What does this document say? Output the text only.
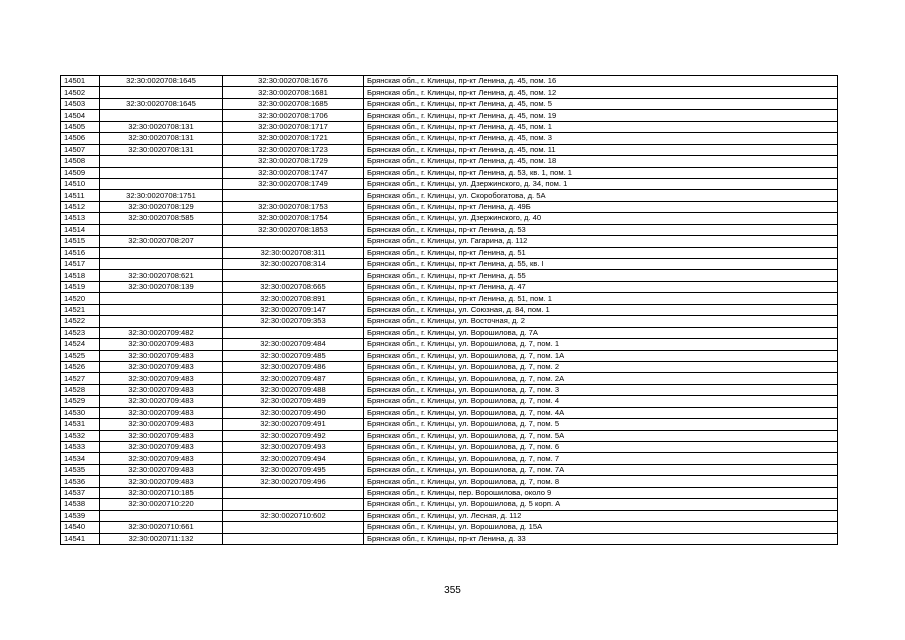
14501	32:30:0020708:1645	32:30:0020708:1676	Брянская обл., г. Клинцы, пр-кт Ленина, д. 45, пом. 16
14502		32:30:0020708:1681	Брянская обл., г. Клинцы, пр-кт Ленина, д. 45, пом. 12
14503	32:30:0020708:1645	32:30:0020708:1685	Брянская обл., г. Клинцы, пр-кт Ленина, д. 45, пом. 5
14504		32:30:0020708:1706	Брянская обл., г. Клинцы, пр-кт Ленина, д. 45, пом. 19
14505	32:30:0020708:131	32:30:0020708:1717	Брянская обл., г. Клинцы, пр-кт Ленина, д. 45, пом. 1
14506	32:30:0020708:131	32:30:0020708:1721	Брянская обл., г. Клинцы, пр-кт Ленина, д. 45, пом. 3
14507	32:30:0020708:131	32:30:0020708:1723	Брянская обл., г. Клинцы, пр-кт Ленина, д. 45, пом. 11
14508		32:30:0020708:1729	Брянская обл., г. Клинцы, пр-кт Ленина, д. 45, пом. 18
14509		32:30:0020708:1747	Брянская обл., г. Клинцы, пр-кт Ленина, д. 53, кв. 1, пом. 1
14510		32:30:0020708:1749	Брянская обл., г. Клинцы, ул. Дзержинского, д. 34, пом. 1
14511	32:30:0020708:1751		Брянская обл., г. Клинцы, ул. Скоробогатова, д. 5А
14512	32:30:0020708:129	32:30:0020708:1753	Брянская обл., г. Клинцы, пр-кт Ленина, д. 49Б
14513	32:30:0020708:585	32:30:0020708:1754	Брянская обл., г. Клинцы, ул. Дзержинского, д. 40
14514		32:30:0020708:1853	Брянская обл., г. Клинцы, пр-кт Ленина, д. 53
14515	32:30:0020708:207		Брянская обл., г. Клинцы, ул. Гагарина, д. 112
14516		32:30:0020708:311	Брянская обл., г. Клинцы, пр-кт Ленина, д. 51
14517		32:30:0020708:314	Брянская обл., г. Клинцы, пр-кт Ленина, д. 55, кв. I
14518	32:30:0020708:621		Брянская обл., г. Клинцы, пр-кт Ленина, д. 55
14519	32:30:0020708:139	32:30:0020708:665	Брянская обл., г. Клинцы, пр-кт Ленина, д. 47
14520		32:30:0020708:891	Брянская обл., г. Клинцы, пр-кт Ленина, д. 51, пом. 1
14521		32:30:0020709:147	Брянская обл., г. Клинцы, ул. Союзная, д. 84, пом. 1
14522		32:30:0020709:353	Брянская обл., г. Клинцы, ул. Восточная, д. 2
14523	32:30:0020709:482		Брянская обл., г. Клинцы, ул. Ворошилова, д. 7А
14524	32:30:0020709:483	32:30:0020709:484	Брянская обл., г. Клинцы, ул. Ворошилова, д. 7, пом. 1
14525	32:30:0020709:483	32:30:0020709:485	Брянская обл., г. Клинцы, ул. Ворошилова, д. 7, пом. 1А
14526	32:30:0020709:483	32:30:0020709:486	Брянская обл., г. Клинцы, ул. Ворошилова, д. 7, пом. 2
14527	32:30:0020709:483	32:30:0020709:487	Брянская обл., г. Клинцы, ул. Ворошилова, д. 7, пом. 2А
14528	32:30:0020709:483	32:30:0020709:488	Брянская обл., г. Клинцы, ул. Ворошилова, д. 7, пом. 3
14529	32:30:0020709:483	32:30:0020709:489	Брянская обл., г. Клинцы, ул. Ворошилова, д. 7, пом. 4
14530	32:30:0020709:483	32:30:0020709:490	Брянская обл., г. Клинцы, ул. Ворошилова, д. 7, пом. 4А
14531	32:30:0020709:483	32:30:0020709:491	Брянская обл., г. Клинцы, ул. Ворошилова, д. 7, пом. 5
14532	32:30:0020709:483	32:30:0020709:492	Брянская обл., г. Клинцы, ул. Ворошилова, д. 7, пом. 5А
14533	32:30:0020709:483	32:30:0020709:493	Брянская обл., г. Клинцы, ул. Ворошилова, д. 7, пом. 6
14534	32:30:0020709:483	32:30:0020709:494	Брянская обл., г. Клинцы, ул. Ворошилова, д. 7, пом. 7
14535	32:30:0020709:483	32:30:0020709:495	Брянская обл., г. Клинцы, ул. Ворошилова, д. 7, пом. 7А
14536	32:30:0020709:483	32:30:0020709:496	Брянская обл., г. Клинцы, ул. Ворошилова, д. 7, пом. 8
14537	32:30:0020710:185		Брянская обл., г. Клинцы, пер. Ворошилова, около 9
14538	32:30:0020710:220		Брянская обл., г. Клинцы, ул. Ворошилова, д. 5 корп. А
14539		32:30:0020710:602	Брянская обл., г. Клинцы, ул. Лесная, д. 112
14540	32:30:0020710:661		Брянская обл., г. Клинцы, ул. Ворошилова, д. 15А
14541	32:30:0020711:132		Брянская обл., г. Клинцы, пр-кт Ленина, д. 33
355
